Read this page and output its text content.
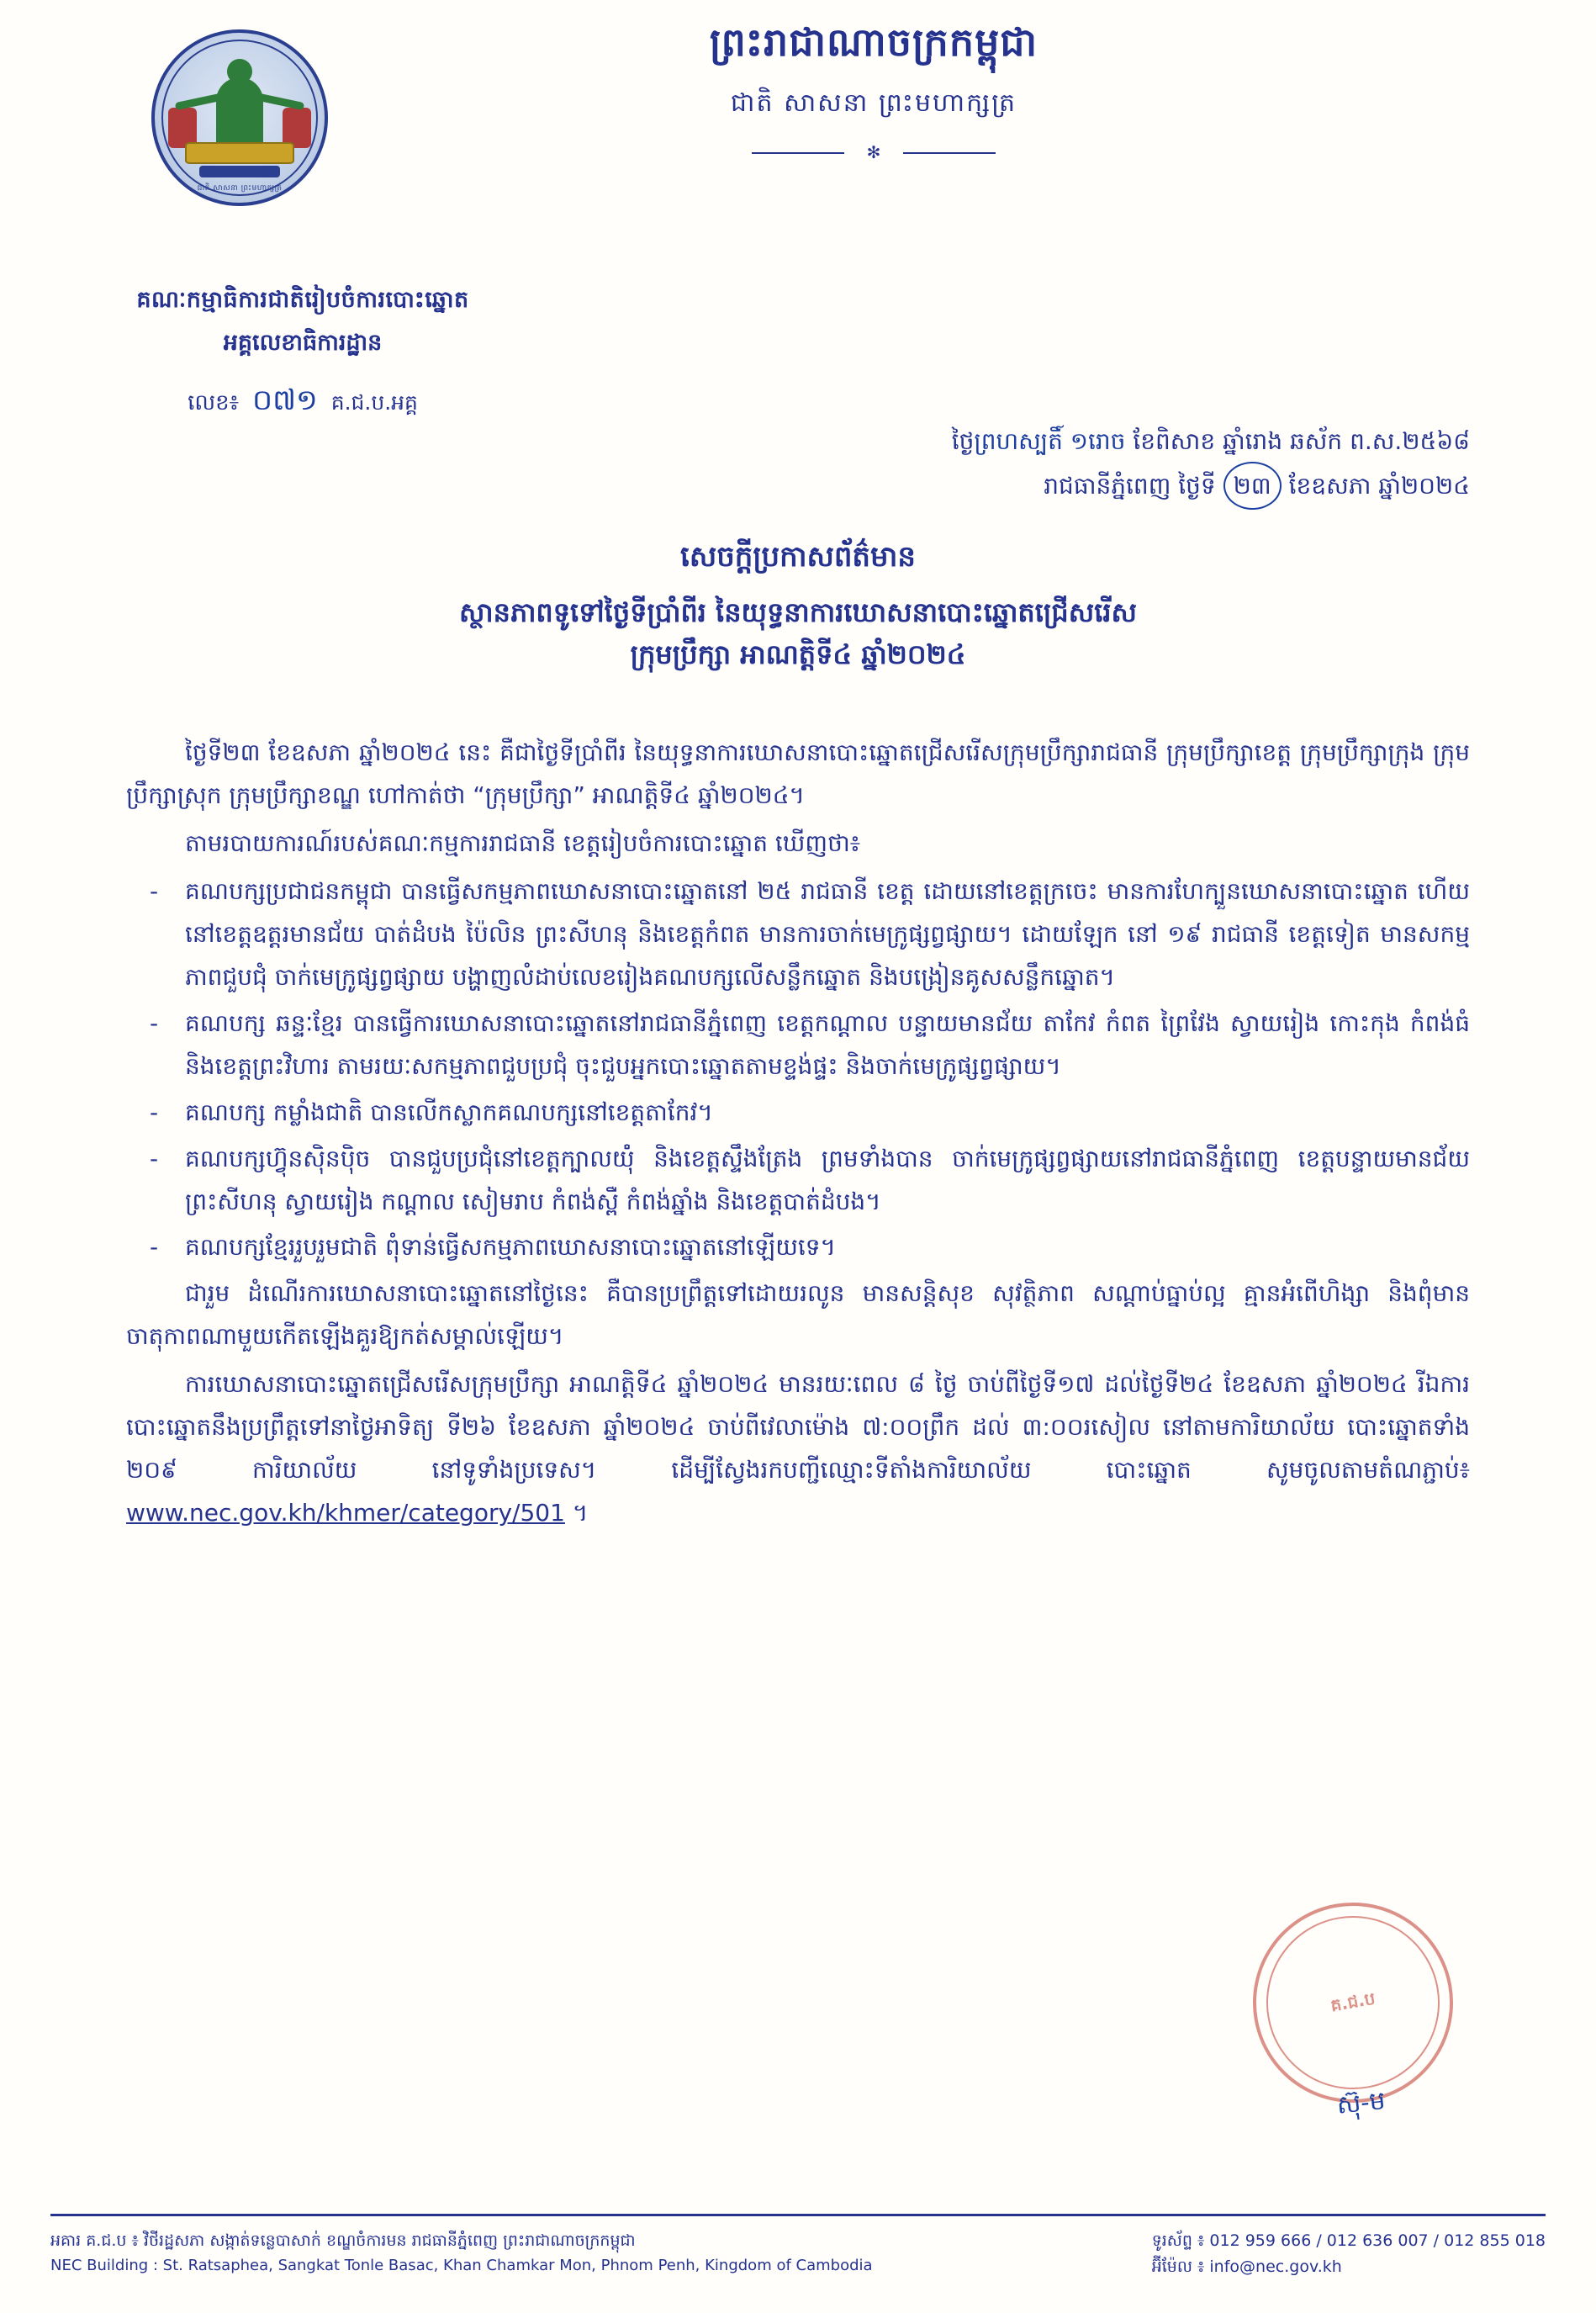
ជាតិ សាសនា ព្រះមហាក្សត្រ
ព្រះរាជាណាចក្រកម្ពុជា
ជាតិ សាសនា ព្រះមហាក្សត្រ
✻
គណៈកម្មាធិការជាតិរៀបចំការបោះឆ្នោត
អគ្គលេខាធិការដ្ឋាន
លេខ៖ ០៧១ គ.ជ.ប.អគ្គ
ថ្ងៃព្រហស្បតិ៍ ១រោច ខែពិសាខ ឆ្នាំរោង ឆស័ក ព.ស.២៥៦៨
រាជធានីភ្នំពេញ ថ្ងៃទី ២៣ ខែឧសភា ឆ្នាំ២០២៤
សេចក្ដីប្រកាសព័ត៌មាន
ស្ថានភាពទូទៅថ្ងៃទីប្រាំពីរ នៃយុទ្ធនាការឃោសនាបោះឆ្នោតជ្រើសរើស
ក្រុមប្រឹក្សា អាណត្តិទី៤ ឆ្នាំ២០២៤

ថ្ងៃទី២៣ ខែឧសភា ឆ្នាំ២០២៤ នេះ គឺជាថ្ងៃទីប្រាំពីរ នៃយុទ្ធនាការឃោសនាបោះឆ្នោតជ្រើសរើសក្រុមប្រឹក្សារាជធានី ក្រុមប្រឹក្សាខេត្ត ក្រុមប្រឹក្សាក្រុង ក្រុមប្រឹក្សាស្រុក ក្រុមប្រឹក្សាខណ្ឌ ហៅកាត់ថា “ក្រុមប្រឹក្សា” អាណត្តិទី៤ ឆ្នាំ២០២៤។

តាមរបាយការណ៍របស់គណៈកម្មការរាជធានី ខេត្តរៀបចំការបោះឆ្នោត ឃើញថា៖

- គណបក្សប្រជាជនកម្ពុជា បានធ្វើសកម្មភាពឃោសនាបោះឆ្នោតនៅ ២៥ រាជធានី ខេត្ត ដោយនៅខេត្តក្រចេះ មានការហែក្បួនឃោសនាបោះឆ្នោត ហើយនៅខេត្តឧត្តរមានជ័យ បាត់ដំបង ប៉ៃលិន ព្រះសីហនុ និងខេត្តកំពត មានការចាក់មេក្រូផ្សព្វផ្សាយ។ ដោយឡែក នៅ ១៩ រាជធានី ខេត្តទៀត មានសកម្មភាពជួបជុំ ចាក់មេក្រូផ្សព្វផ្សាយ បង្ហាញលំដាប់លេខរៀងគណបក្សលើសន្លឹកឆ្នោត និងបង្រៀនគូសសន្លឹកឆ្នោត។
- គណបក្ស ឆន្ទៈខ្មែរ បានធ្វើការឃោសនាបោះឆ្នោតនៅរាជធានីភ្នំពេញ ខេត្តកណ្ដាល បន្ទាយមានជ័យ តាកែវ កំពត ព្រៃវែង ស្វាយរៀង កោះកុង កំពង់ធំ និងខេត្តព្រះវិហារ តាមរយៈសកម្មភាពជួបប្រជុំ ចុះជួបអ្នកបោះឆ្នោតតាមខ្ទង់ផ្ទះ និងចាក់មេក្រូផ្សព្វផ្សាយ។
- គណបក្ស កម្លាំងជាតិ បានលើកស្លាកគណបក្សនៅខេត្តតាកែវ។
- គណបក្សហ៊្វុនស៊ិនប៉ិច បានជួបប្រជុំនៅខេត្តក្បាលយ៉ុំ និងខេត្តស្ទឹងត្រែង ព្រមទាំងបាន ចាក់មេក្រូផ្សព្វផ្សាយនៅរាជធានីភ្នំពេញ ខេត្តបន្ទាយមានជ័យ ព្រះសីហនុ ស្វាយរៀង កណ្ដាល សៀមរាប កំពង់ស្ពឺ កំពង់ឆ្នាំង និងខេត្តបាត់ដំបង។
- គណបក្សខ្មែររួបរួមជាតិ ពុំទាន់ធ្វើសកម្មភាពឃោសនាបោះឆ្នោតនៅឡើយទេ។

ជារួម ដំណើរការឃោសនាបោះឆ្នោតនៅថ្ងៃនេះ គឺបានប្រព្រឹត្តទៅដោយរលូន មានសន្តិសុខ សុវត្ថិភាព សណ្ដាប់ធ្នាប់ល្អ គ្មានអំពើហិង្សា និងពុំមានចាតុកាពណាមួយកើតឡើងគួរឱ្យកត់សម្គាល់ឡើយ។

ការឃោសនាបោះឆ្នោតជ្រើសរើសក្រុមប្រឹក្សា អាណត្តិទី៤ ឆ្នាំ២០២៤ មានរយៈពេល ៨ ថ្ងៃ ចាប់ពីថ្ងៃទី១៧ ដល់ថ្ងៃទី២៤ ខែឧសភា ឆ្នាំ២០២៤ រីឯការបោះឆ្នោតនឹងប្រព្រឹត្តទៅនាថ្ងៃអាទិត្យ ទី២៦ ខែឧសភា ឆ្នាំ២០២៤ ចាប់ពីវេលាម៉ោង ៧:០០ព្រឹក ដល់ ៣:០០រសៀល នៅតាមការិយាល័យ បោះឆ្នោតទាំង ២០៩ ការិយាល័យ នៅទូទាំងប្រទេស។ ដើម្បីស្វែងរកបញ្ជីឈ្មោះទីតាំងការិយាល័យ បោះឆ្នោត សូមចូលតាមតំណភ្ជាប់៖ www.nec.gov.kh/khmer/category/501 ។

គ.ជ.ប
ស៊ុ-ម
អគារ គ.ជ.ប ៖ វិថីរដ្ឋសភា សង្កាត់ទន្លេបាសាក់ ខណ្ឌចំការមន រាជធានីភ្នំពេញ ព្រះរាជាណាចក្រកម្ពុជា
NEC Building : St. Ratsaphea, Sangkat Tonle Basac, Khan Chamkar Mon, Phnom Penh, Kingdom of Cambodia
ទូរស័ព្ទ ៖ 012 959 666 / 012 636 007 / 012 855 018
អ៊ីម៉ែល ៖ info@nec.gov.kh
